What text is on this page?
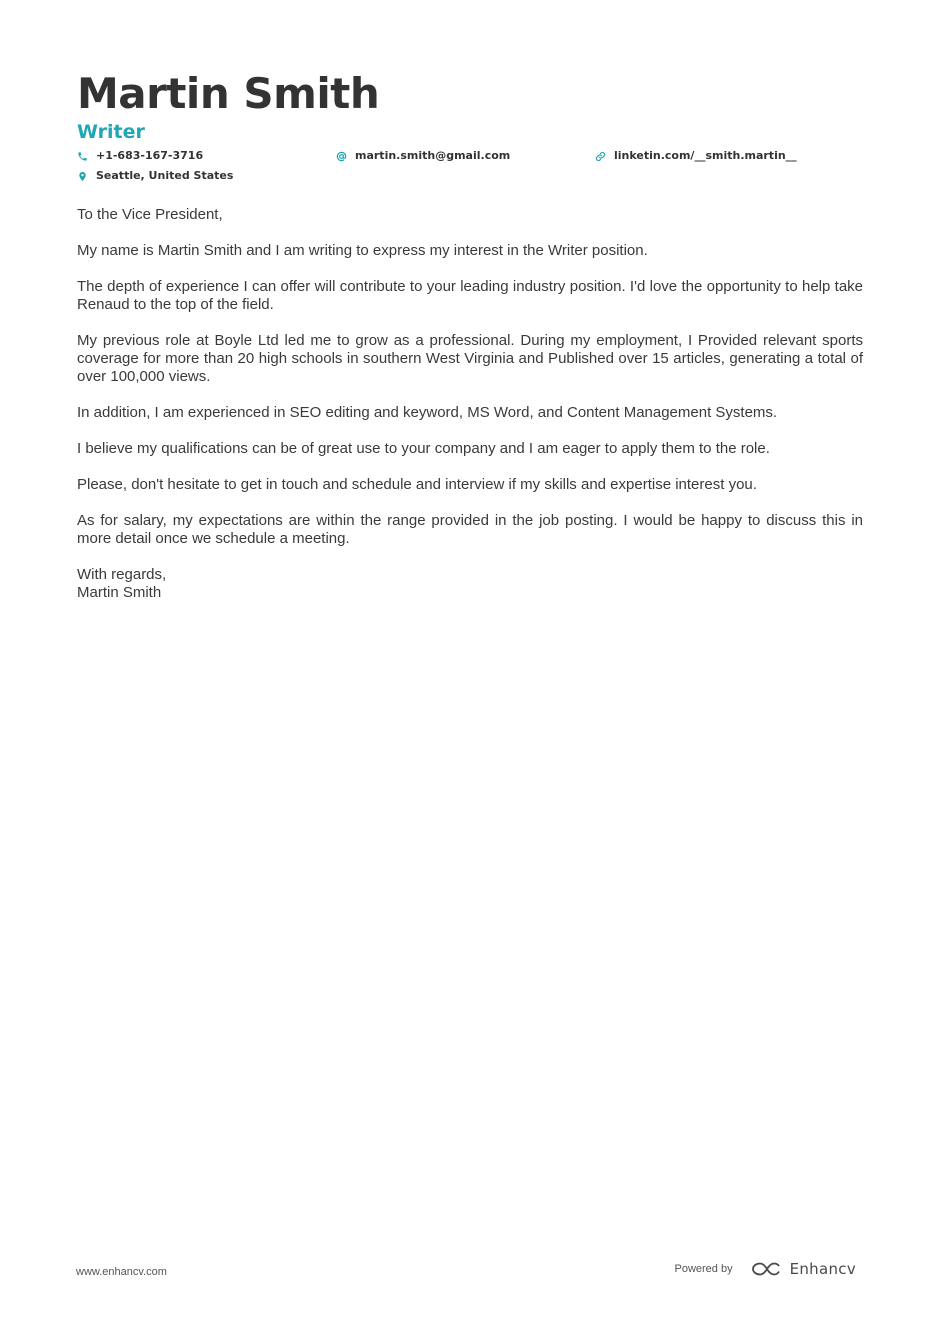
Martin Smith
Writer
+1-683-167-3716	martin.smith@gmail.com	linketin.com/__smith.martin__
Seattle, United States

To the Vice President,

My name is Martin Smith and I am writing to express my interest in the Writer position.

The depth of experience I can offer will contribute to your leading industry position. I'd love the opportunity to help take Renaud to the top of the field.

My previous role at Boyle Ltd led me to grow as a professional. During my employment, I Provided relevant sports coverage for more than 20 high schools in southern West Virginia and Published over 15 articles, generating a total of over 100,000 views.

In addition, I am experienced in SEO editing and keyword, MS Word, and Content Management Systems.

I believe my qualifications can be of great use to your company and I am eager to apply them to the role.

Please, don't hesitate to get in touch and schedule and interview if my skills and expertise interest you.

As for salary, my expectations are within the range provided in the job posting. I would be happy to discuss this in more detail once we schedule a meeting.

With regards,
Martin Smith

www.enhancv.com	Powered by	Enhancv
